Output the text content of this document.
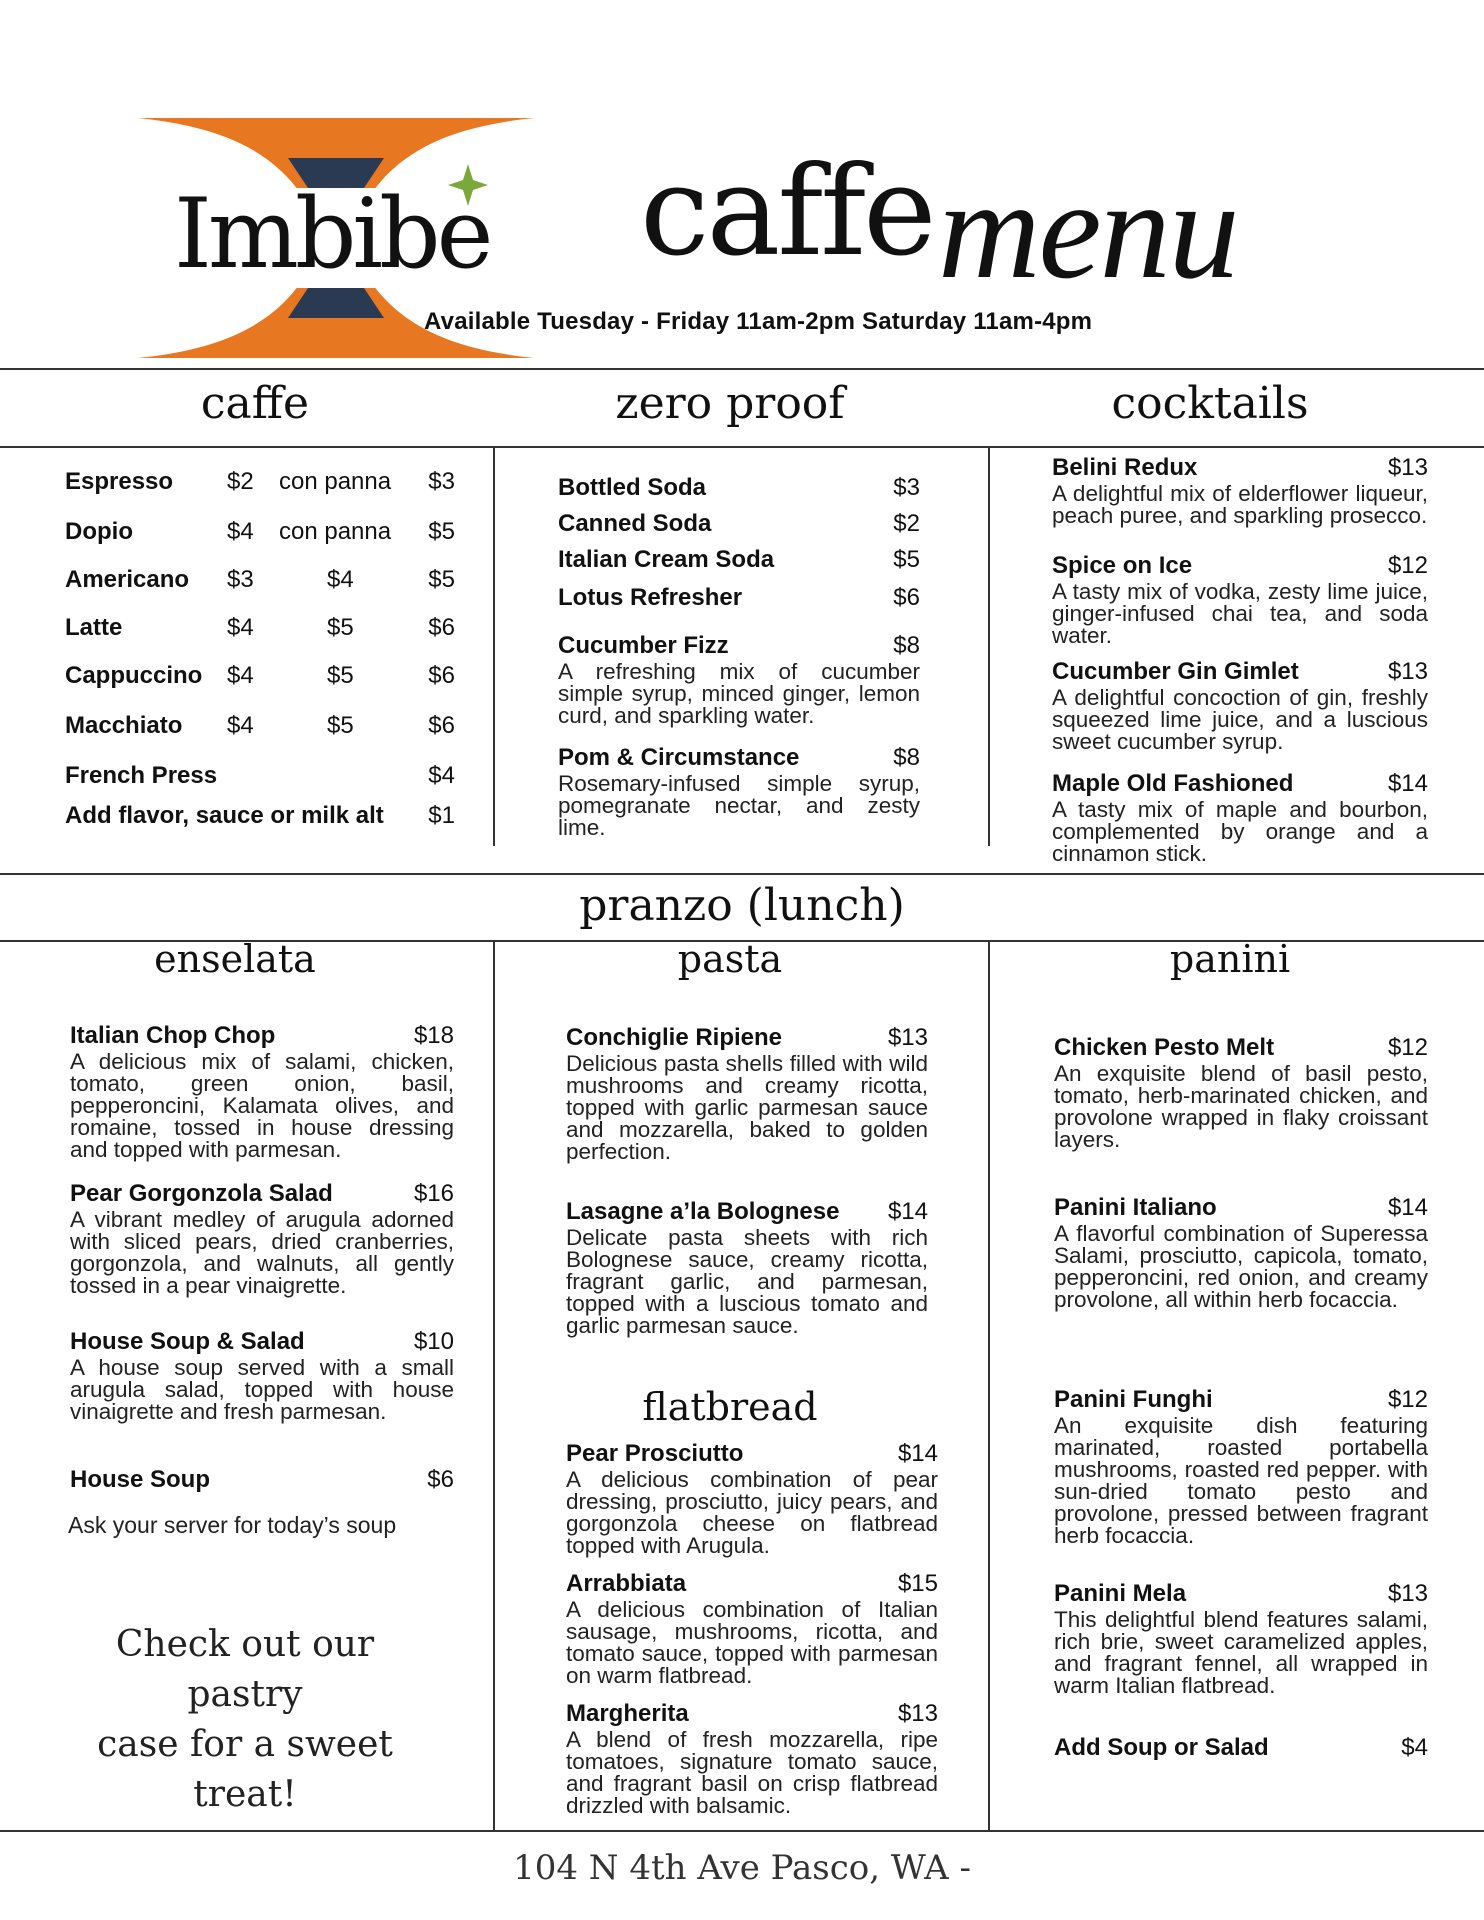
Imbibe caffe menu
Available Tuesday - Friday 11am-2pm Saturday 11am-4pm
caffe	zero proof	cocktails
Espresso $2 con panna $3
Dopio	$4 con panna $5
Americano $3	$4	$5
Latte	$4	$5	$6
Cappuccino $4	$5	$6
Macchiato $4	$5	$6
French Press	$4
Add flavor, sauce or milk alt $1
Bottled Soda	$3
Canned Soda	$2
Italian Cream Soda	$5
Lotus Refresher	$6
Cucumber Fizz	$8
A refreshing mix of cucumber simple syrup, minced ginger, lemon curd, and sparkling water.
Pom & Circumstance	$8
Rosemary-infused simple syrup, pomegranate nectar, and zesty lime.
Belini Redux	$13
A delightful mix of elderflower liqueur, peach puree, and sparkling prosecco.
Spice on Ice	$12
A tasty mix of vodka, zesty lime juice, ginger-infused chai tea, and soda water.
Cucumber Gin Gimlet	$13
A delightful concoction of gin, freshly squeezed lime juice, and a luscious sweet cucumber syrup.
Maple Old Fashioned	$14
A tasty mix of maple and bourbon, complemented by orange and a cinnamon stick.
pranzo (lunch)
enselata	pasta	panini
Italian Chop Chop	$18
A delicious mix of salami, chicken, tomato, green onion, basil, pepperoncini, Kalamata olives, and romaine, tossed in house dressing and topped with parmesan.
Pear Gorgonzola Salad	$16
A vibrant medley of arugula adorned with sliced pears, dried cranberries, gorgonzola, and walnuts, all gently tossed in a pear vinaigrette.
House Soup & Salad	$10
A house soup served with a small arugula salad, topped with house vinaigrette and fresh parmesan.
House Soup	$6
Ask your server for today’s soup
Check out our pastry
case for a sweet treat!
Conchiglie Ripiene	$13
Delicious pasta shells filled with wild mushrooms and creamy ricotta, topped with garlic parmesan sauce and mozzarella, baked to golden perfection.
Lasagne a’la Bolognese $14
Delicate pasta sheets with rich Bolognese sauce, creamy ricotta, fragrant garlic, and parmesan, topped with a luscious tomato and garlic parmesan sauce.
flatbread
Pear Prosciutto	$14
A delicious combination of pear dressing, prosciutto, juicy pears, and gorgonzola cheese on flatbread topped with Arugula.
Arrabbiata	$15
A delicious combination of Italian sausage, mushrooms, ricotta, and tomato sauce, topped with parmesan on warm flatbread.
Margherita	$13
A blend of fresh mozzarella, ripe tomatoes, signature tomato sauce, and fragrant basil on crisp flatbread drizzled with balsamic.
Chicken Pesto Melt	$12
An exquisite blend of basil pesto, tomato, herb-marinated chicken, and provolone wrapped in flaky croissant layers.
Panini Italiano	$14
A flavorful combination of Superessa Salami, prosciutto, capicola, tomato, pepperoncini, red onion, and creamy provolone, all within herb focaccia.
Panini Funghi	$12
An exquisite dish featuring marinated, roasted portabella mushrooms, roasted red pepper. with sun-dried tomato pesto and provolone, pressed between fragrant herb focaccia.
Panini Mela	$13
This delightful blend features salami, rich brie, sweet caramelized apples, and fragrant fennel, all wrapped in warm Italian flatbread.
Add Soup or Salad	$4
104 N 4th Ave Pasco, WA -
